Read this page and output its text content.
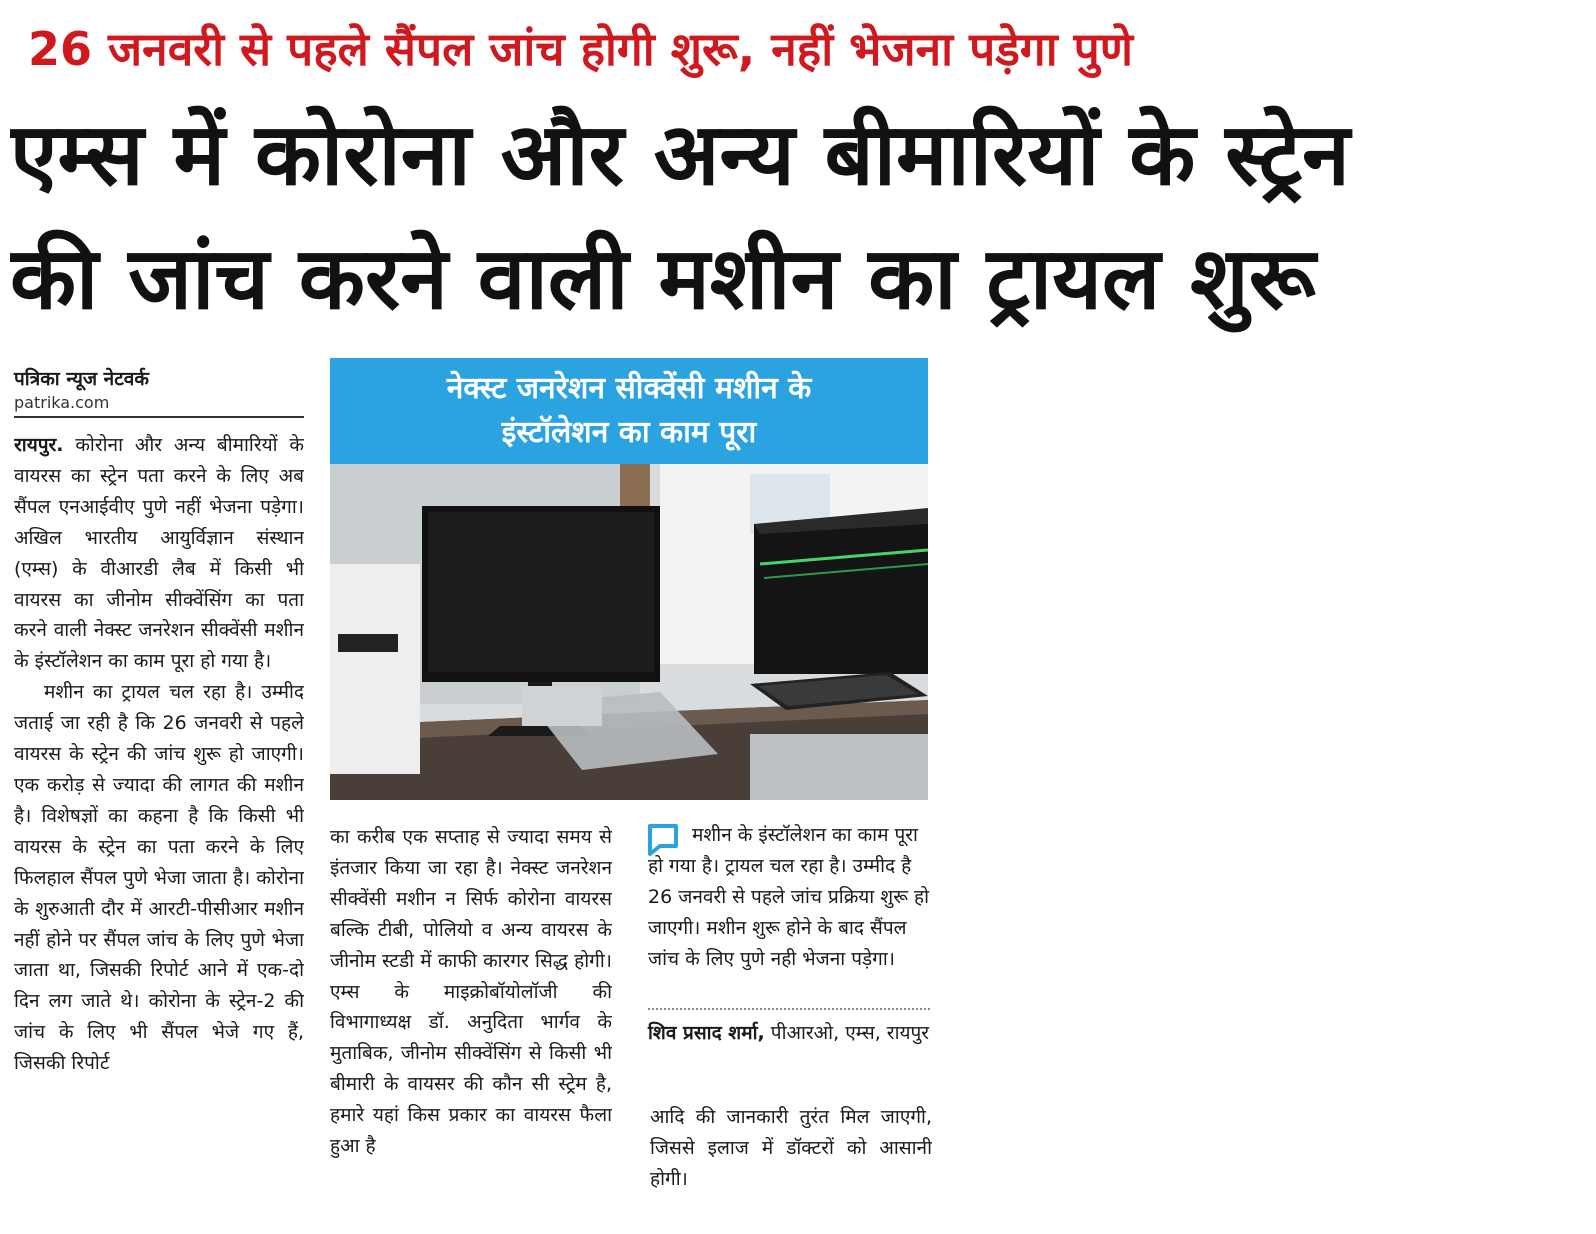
26 जनवरी से पहले सैंपल जांच होगी शुरू, नहीं भेजना पड़ेगा पुणे
एम्स में कोरोना और अन्य बीमारियों के स्ट्रेन
की जांच करने वाली मशीन का ट्रायल शुरू
पत्रिका न्यूज नेटवर्क
patrika.com

रायपुर. कोरोना और अन्य बीमारियों के वायरस का स्ट्रेन पता करने के लिए अब सैंपल एनआईवीए पुणे नहीं भेजना पड़ेगा। अखिल भारतीय आयुर्विज्ञान संस्थान (एम्स) के वीआरडी लैब में किसी भी वायरस का जीनोम सीक्वेंसिंग का पता करने वाली नेक्स्ट जनरेशन सीक्वेंसी मशीन के इंस्टॉलेशन का काम पूरा हो गया है।

मशीन का ट्रायल चल रहा है। उम्मीद जताई जा रही है कि 26 जनवरी से पहले वायरस के स्ट्रेन की जांच शुरू हो जाएगी। एक करोड़ से ज्यादा की लागत की मशीन है। विशेषज्ञों का कहना है कि किसी भी वायरस के स्ट्रेन का पता करने के लिए फिलहाल सैंपल पुणे भेजा जाता है। कोरोना के शुरुआती दौर में आरटी-पीसीआर मशीन नहीं होने पर सैंपल जांच के लिए पुणे भेजा जाता था, जिसकी रिपोर्ट आने में एक-दो दिन लग जाते थे। कोरोना के स्ट्रेन-2 की जांच के लिए भी सैंपल भेजे गए हैं, जिसकी रिपोर्ट

नेक्स्ट जनरेशन सीक्वेंसी मशीन के
इंस्टॉलेशन का काम पूरा
का करीब एक सप्ताह से ज्यादा समय से इंतजार किया जा रहा है। नेक्स्ट जनरेशन सीक्वेंसी मशीन न सिर्फ कोरोना वायरस बल्कि टीबी, पोलियो व अन्य वायरस के जीनोम स्टडी में काफी कारगर सिद्ध होगी। एम्स के माइक्रोबॉयोलॉजी की विभागाध्यक्ष डॉ. अनुदिता भार्गव के मुताबिक, जीनोम सीक्वेंसिंग से किसी भी बीमारी के वायसर की कौन सी स्ट्रेम है, हमारे यहां किस प्रकार का वायरस फैला हुआ है
मशीन के इंस्टॉलेशन का काम पूरा हो गया है। ट्रायल चल रहा है। उम्मीद है 26 जनवरी से पहले जांच प्रक्रिया शुरू हो जाएगी। मशीन शुरू होने के बाद सैंपल जांच के लिए पुणे नही भेजना पड़ेगा।
शिव प्रसाद शर्मा, पीआरओ, एम्स, रायपुर
आदि की जानकारी तुरंत मिल जाएगी, जिससे इलाज में डॉक्टरों को आसानी होगी।
